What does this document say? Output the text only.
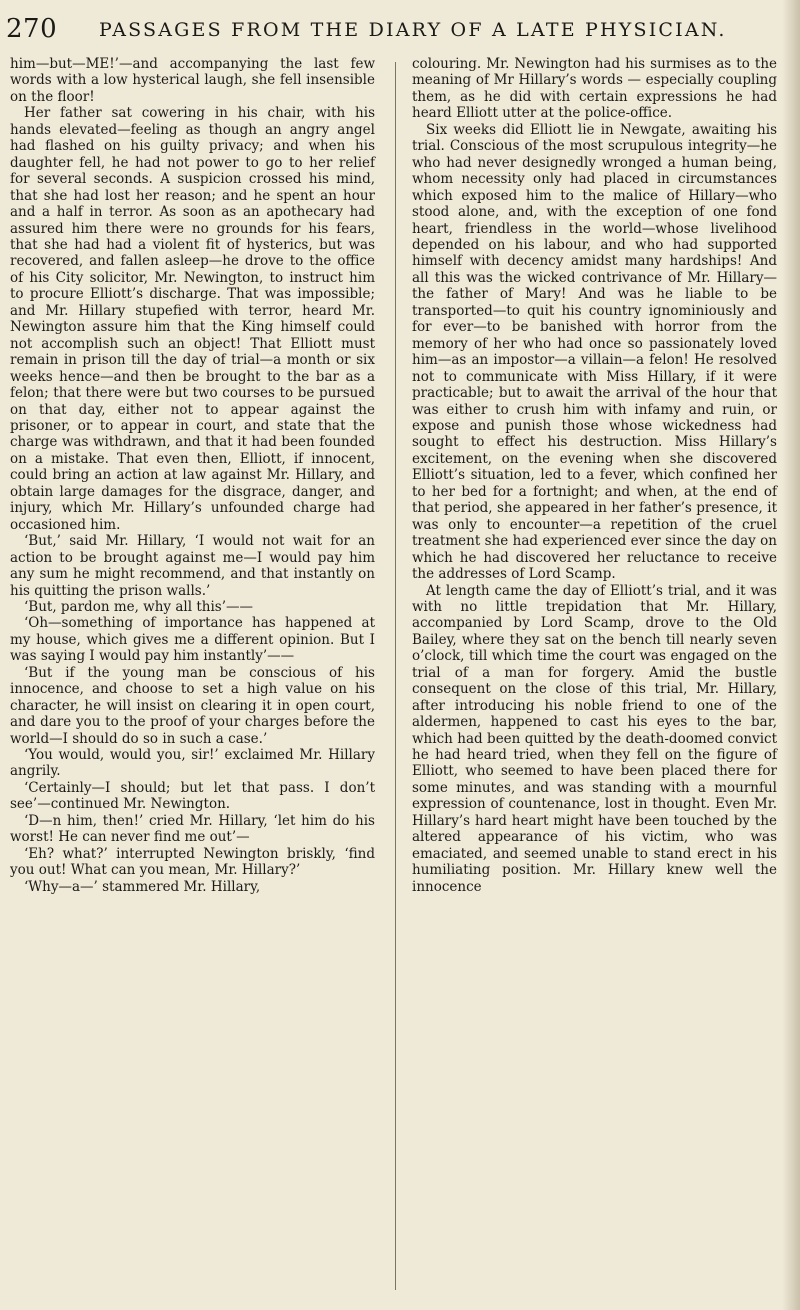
270 PASSAGES FROM THE DIARY OF A LATE PHYSICIAN.

him—but—ME!’—and accompanying the last few words with a low hysterical laugh, she fell insensible on the floor!

Her father sat cowering in his chair, with his hands elevated—feeling as though an angry angel had flashed on his guilty privacy; and when his daughter fell, he had not power to go to her relief for several seconds. A suspicion crossed his mind, that she had lost her reason; and he spent an hour and a half in terror. As soon as an apothecary had assured him there were no grounds for his fears, that she had had a violent fit of hysterics, but was recovered, and fallen asleep—he drove to the office of his City solicitor, Mr. Newington, to instruct him to procure Elliott’s discharge. That was impossible; and Mr. Hillary stupefied with terror, heard Mr. Newington assure him that the King himself could not accomplish such an object! That Elliott must remain in prison till the day of trial—a month or six weeks hence—and then be brought to the bar as a felon; that there were but two courses to be pursued on that day, either not to appear against the prisoner, or to appear in court, and state that the charge was withdrawn, and that it had been founded on a mistake. That even then, Elliott, if innocent, could bring an action at law against Mr. Hillary, and obtain large damages for the disgrace, danger, and injury, which Mr. Hillary’s unfounded charge had occasioned him.

‘But,’ said Mr. Hillary, ‘I would not wait for an action to be brought against me—I would pay him any sum he might recommend, and that instantly on his quitting the prison walls.’

‘But, pardon me, why all this’——

‘Oh—something of importance has happened at my house, which gives me a different opinion. But I was saying I would pay him instantly’——

‘But if the young man be conscious of his innocence, and choose to set a high value on his character, he will insist on clearing it in open court, and dare you to the proof of your charges before the world—I should do so in such a case.’

‘You would, would you, sir!’ exclaimed Mr. Hillary angrily.

‘Certainly—I should; but let that pass. I don’t see’—continued Mr. Newington.

‘D—n him, then!’ cried Mr. Hillary, ‘let him do his worst! He can never find me out’—

‘Eh? what?’ interrupted Newington briskly, ‘find you out! What can you mean, Mr. Hillary?’

‘Why—a—’ stammered Mr. Hillary,

colouring. Mr. Newington had his surmises as to the meaning of Mr Hillary’s words — especially coupling them, as he did with certain expressions he had heard Elliott utter at the police-office.

Six weeks did Elliott lie in Newgate, awaiting his trial. Conscious of the most scrupulous integrity—he who had never designedly wronged a human being, whom necessity only had placed in circumstances which exposed him to the malice of Hillary—who stood alone, and, with the exception of one fond heart, friendless in the world—whose livelihood depended on his labour, and who had supported himself with decency amidst many hardships! And all this was the wicked contrivance of Mr. Hillary—the father of Mary! And was he liable to be transported—to quit his country ignominiously and for ever—to be banished with horror from the memory of her who had once so passionately loved him—as an impostor—a villain—a felon! He resolved not to communicate with Miss Hillary, if it were practicable; but to await the arrival of the hour that was either to crush him with infamy and ruin, or expose and punish those whose wickedness had sought to effect his destruction. Miss Hillary’s excitement, on the evening when she discovered Elliott’s situation, led to a fever, which confined her to her bed for a fortnight; and when, at the end of that period, she appeared in her father’s presence, it was only to encounter—a repetition of the cruel treatment she had experienced ever since the day on which he had discovered her reluctance to receive the addresses of Lord Scamp.

At length came the day of Elliott’s trial, and it was with no little trepidation that Mr. Hillary, accompanied by Lord Scamp, drove to the Old Bailey, where they sat on the bench till nearly seven o’clock, till which time the court was engaged on the trial of a man for forgery. Amid the bustle consequent on the close of this trial, Mr. Hillary, after introducing his noble friend to one of the aldermen, happened to cast his eyes to the bar, which had been quitted by the death-doomed convict he had heard tried, when they fell on the figure of Elliott, who seemed to have been placed there for some minutes, and was standing with a mournful expression of countenance, lost in thought. Even Mr. Hillary’s hard heart might have been touched by the altered appearance of his victim, who was emaciated, and seemed unable to stand erect in his humiliating position. Mr. Hillary knew well the innocence
